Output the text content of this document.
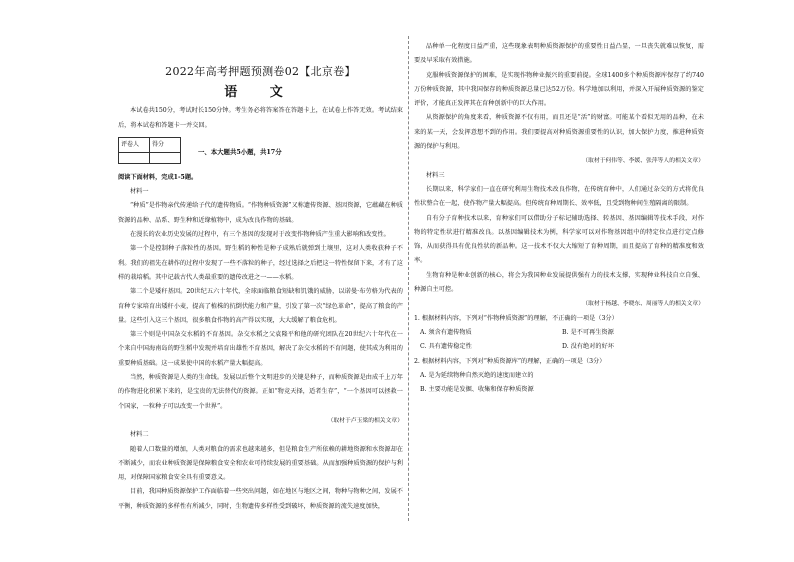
2022年高考押题预测卷02【北京卷】
语 文

本试卷共150分，考试时长150分钟。考生务必将答案答在答题卡上，在试卷上作答无效。考试结束后，将本试卷和答题卡一并交回。

评卷人	得分

一、本大题共5小题，共17分

阅读下面材料，完成1-5题。

材料一

“种质”是作物亲代传递给子代的遗传物质。“作物种质资源”又称遗传资源、基因资源，它蕴藏在种质资源的品种、品系、野生种和近缘植物中，成为改良作物的基础。

在漫长的农业历史发展的过程中，有三个基因的发现对于改变作物种质产生重大影响和改变性。

第一个是控制种子落粒性的基因。野生稻的种性是种子成熟后就弹到土壤里，这对人类收获种子不利。我们的祖先在耕作的过程中发现了一些不落粒的种子，经过选择之后把这一特性保留下来，才有了这样的栽培稻。其中记载古代人类最重要的遗传改进之一——水稻。

第二个是矮秆基因。20世纪五六十年代，全球面临粮食短缺和饥饿的威胁，以诺曼·布劳格为代表的育种专家培育出矮秆小麦，提高了植株的抗倒伏能力和产量，引发了第一次“绿色革命”，提高了粮食的产量。这些引入这三个基因，很多粮食作物的高产得以实现，大大缓解了粮食危机。

第三个则是中国杂交水稻的不育基因。杂交水稻之父袁隆平和他的研究团队在20世纪六十年代在一个来自中国海南岛的野生稻中发现并培育出雄性不育基因，解决了杂交水稻的不育问题，使其成为利用的重要种质基础。这一成果使中国的水稻产量大幅提高。

当然，种质资源是人类的生命线。发展以后整个文明进步的关键是种子，而种质资源是由成千上万年的作物进化积累下来的，是宝贵的无法替代的资源。正如“物竞天择，适者生存”，“一个基因可以拯救一个国家，一粒种子可以改变一个世界”。

（取材于卢玉梁的相关文章）

材料二

随着人口数量的增加，人类对粮食的需求也越来越多，但是粮食生产所依赖的耕地资源和水资源却在不断减少，而农业种质资源是保障粮食安全和农业可持续发展的重要基础。从而加强种质资源的保护与利用，对保障国家粮食安全具有重要意义。

目前，我国种质资源保护工作面临着一些突出问题，如在地区与地区之间，物种与物种之间，发展不平衡，种质资源的多样性有所减少，同时，生物遗传多样性受到破坏，种质资源的流失速度加快，

品种单一化程度日益严重，这些现象表明种质资源保护的重要性日益凸显，一旦丧失就难以恢复，需要及早采取有效措施。

克服种质资源保护的困难，是实现作物种业振兴的重要前提。全球1400多个种质资源库保存了约740万份种质资源，其中我国保存的种质资源总量已达52万份。科学地加以利用，并深入开展种质资源的鉴定评价，才能真正发挥其在育种创新中的巨大作用。

从资源保护的角度来看，种质资源不仅有用，而且还是“活”的财富。可能某个看似无用的品种，在未来的某一天，会发挥意想不到的作用。我们要提高对种质资源重要性的认识，加大保护力度，推进种质资源的保护与利用。

（取材于何伟等、李媛、张萍等人的相关文章）

材料三

长期以来，科学家们一直在研究利用生物技术改良作物，在传统育种中，人们通过杂交的方式将优良性状整合在一起，使作物产量大幅提高。但传统育种周期长、效率低，且受到物种间生殖隔离的限制。

自有分子育种技术以来，育种家们可以借助分子标记辅助选择、转基因、基因编辑等技术手段，对作物的特定性状进行精准改良。以基因编辑技术为例，科学家可以对作物基因组中的特定位点进行定点修饰，从而获得具有优良性状的新品种。这一技术不仅大大缩短了育种周期，而且提高了育种的精准度和效率。

生物育种是种业创新的核心，将会为我国种业发展提供强有力的技术支撑，实现种业科技自立自强、种源自主可控。

（取材于杨越、李晓东、周丽等人的相关文章）

1. 根据材料内容，下列对“作物种质资源”的理解，不正确的一项是（3分）

A. 须含有遗传物质	B. 是不可再生资源
C. 具有遗传稳定性	D. 没有绝对的好坏

2. 根据材料内容，下列对“种质资源库”的理解，正确的一项是（3分）

A. 是为延续物种自然灭绝的速度而建立的

B. 主要功能是发掘、收集和保存种质资源
